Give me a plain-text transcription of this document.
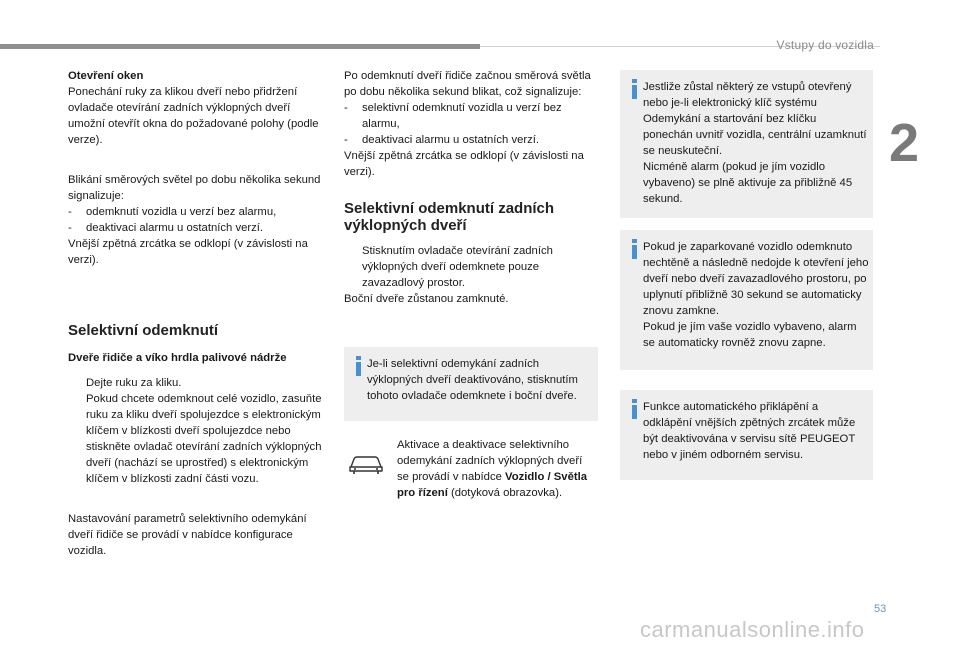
Vstupy do vozidla
2

Otevření oken

Ponechání ruky za klikou dveří nebo přidržení ovladače otevírání zadních výklopných dveří umožní otevřít okna do požadované polohy (podle verze).

Blikání směrových světel po dobu několika sekund signalizuje:

- odemknutí vozidla u verzí bez alarmu,
- deaktivaci alarmu u ostatních verzí.

Vnější zpětná zrcátka se odklopí (v závislosti na verzi).

Selektivní odemknutí

Dveře řidiče a víko hrdla palivové nádrže

Dejte ruku za kliku.
Pokud chcete odemknout celé vozidlo, zasuňte ruku za kliku dveří spolujezdce s elektronickým klíčem v blízkosti dveří spolujezdce nebo stiskněte ovladač otevírání zadních výklopných dveří (nachází se uprostřed) s elektronickým klíčem v blízkosti zadní části vozu.

Nastavování parametrů selektivního odemykání dveří řidiče se provádí v nabídce konfigurace vozidla.

Po odemknutí dveří řidiče začnou směrová světla po dobu několika sekund blikat, což signalizuje:

- selektivní odemknutí vozidla u verzí bez alarmu,
- deaktivaci alarmu u ostatních verzí.

Vnější zpětná zrcátka se odklopí (v závislosti na verzi).

Selektivní odemknutí zadních výklopných dveří

Stisknutím ovladače otevírání zadních výklopných dveří odemknete pouze zavazadlový prostor.

Boční dveře zůstanou zamknuté.

Je-li selektivní odemykání zadních výklopných dveří deaktivováno, stisknutím tohoto ovladače odemknete i boční dveře.

Aktivace a deaktivace selektivního odemykání zadních výklopných dveří se provádí v nabídce Vozidlo / Světla pro řízení (dotyková obrazovka).

Jestliže zůstal některý ze vstupů otevřený nebo je-li elektronický klíč systému Odemykání a startování bez klíčku ponechán uvnitř vozidla, centrální uzamknutí se neuskuteční.

Nicméně alarm (pokud je jím vozidlo vybaveno) se plně aktivuje za přibližně 45 sekund.

Pokud je zaparkované vozidlo odemknuto nechtěně a následně nedojde k otevření jeho dveří nebo dveří zavazadlového prostoru, po uplynutí přibližně 30 sekund se automaticky znovu zamkne.

Pokud je jím vaše vozidlo vybaveno, alarm se automaticky rovněž znovu zapne.

Funkce automatického přiklápění a odklápění vnějších zpětných zrcátek může být deaktivována v servisu sítě PEUGEOT nebo v jiném odborném servisu.

53
carmanualsonline.info
